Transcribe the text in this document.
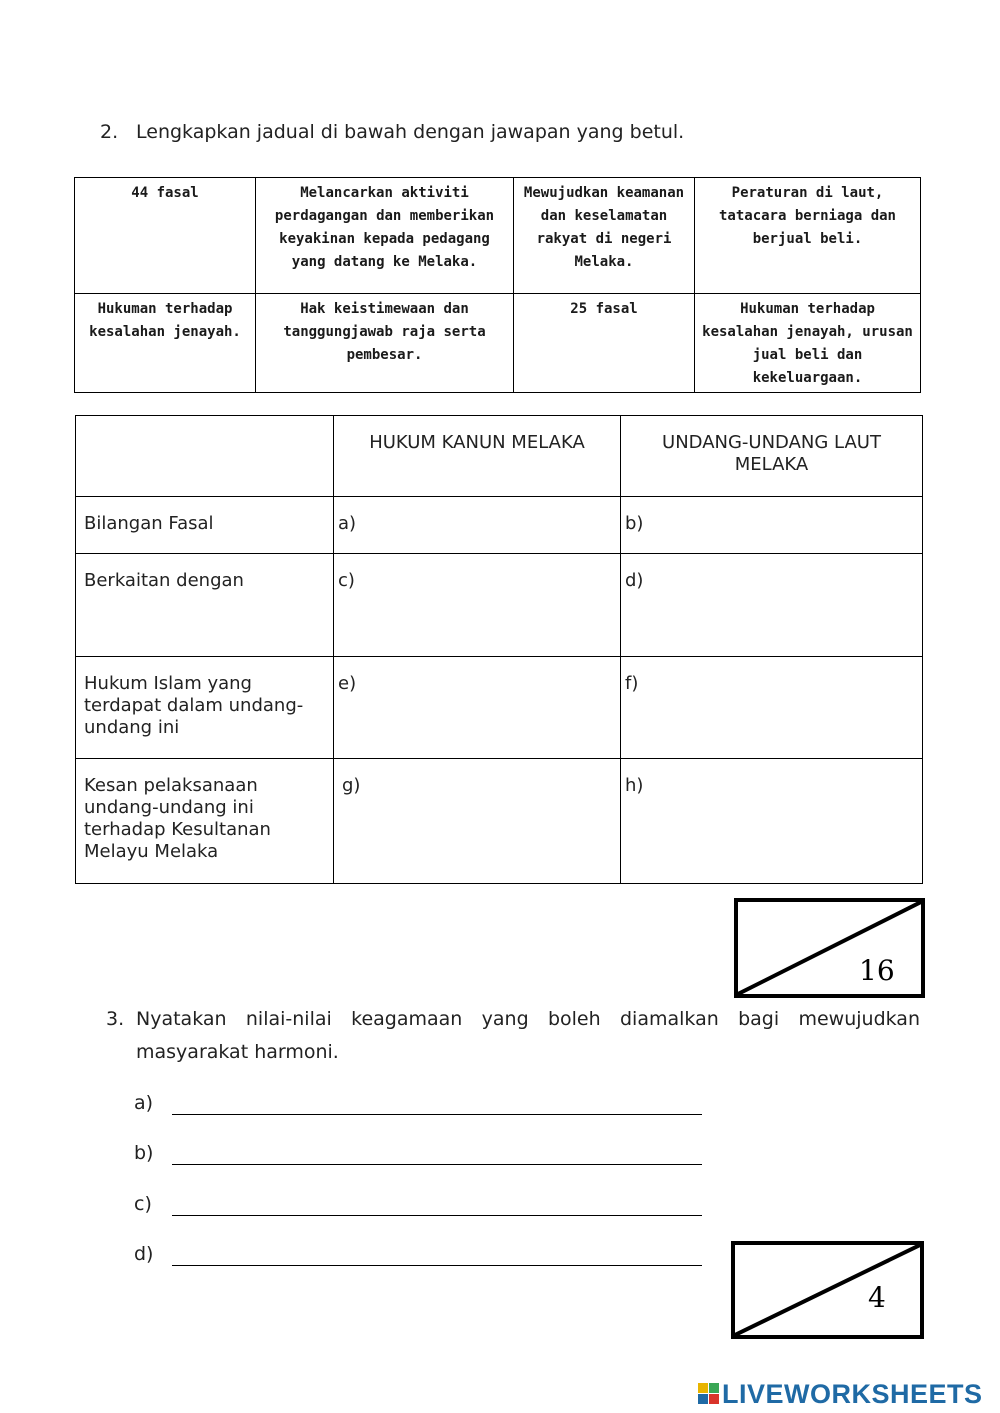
2. Lengkapkan jadual di bawah dengan jawapan yang betul.
44 fasal	Melancarkan aktiviti perdagangan dan memberikan keyakinan kepada pedagang yang datang ke Melaka.	Mewujudkan keamanan dan keselamatan rakyat di negeri Melaka.	Peraturan di laut, tatacara berniaga dan berjual beli.
Hukuman terhadap kesalahan jenayah.	Hak keistimewaan dan tanggungjawab raja serta pembesar.	25 fasal	Hukuman terhadap kesalahan jenayah, urusan jual beli dan kekeluargaan.
	HUKUM KANUN MELAKA	UNDANG-UNDANG LAUT MELAKA
Bilangan Fasal	a)	b)
Berkaitan dengan	c)	d)
Hukum Islam yang terdapat dalam undang-undang ini	e)	f)
Kesan pelaksanaan undang-undang ini terhadap Kesultanan Melayu Melaka	g)	h)
16
3. Nyatakan nilai-nilai keagamaan yang boleh diamalkan bagi mewujudkan
masyarakat harmoni.
a)
b)
c)
d)
4
LIVEWORKSHEETS
